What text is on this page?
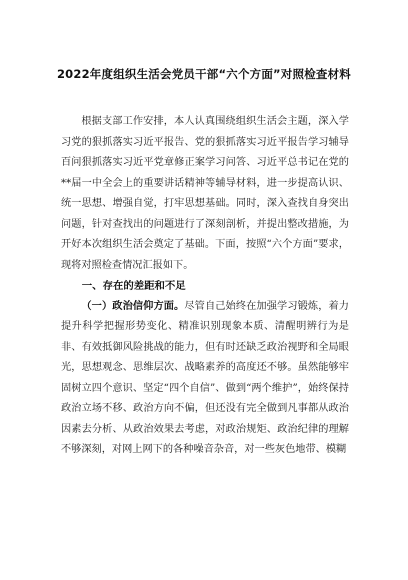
2022年度组织生活会党员干部“六个方面”对照检查材料

根据支部工作安排，本人认真围绕组织生活会主题，深入学习党的狠抓落实习近平报告、党的狠抓落实习近平报告学习辅导百问狠抓落实习近平党章修正案学习问答、习近平总书记在党的**届一中全会上的重要讲话精神等辅导材料，进一步提高认识、统一思想、增强自觉，打牢思想基础。同时，深入查找自身突出问题，针对查找出的问题进行了深刻剖析，并提出整改措施，为开好本次组织生活会奠定了基础。下面，按照“六个方面”要求，现将对照检查情况汇报如下。

一、存在的差距和不足

（一）政治信仰方面。尽管自己始终在加强学习锻炼，着力提升科学把握形势变化、精准识别现象本质、清醒明辨行为是非、有效抵御风险挑战的能力，但有时还缺乏政治视野和全局眼光，思想观念、思维层次、战略素养的高度还不够。虽然能够牢固树立四个意识、坚定“四个自信”、做到“两个维护”，始终保持政治立场不移、政治方向不偏，但还没有完全做到凡事都从政治因素去分析、从政治效果去考虑，对政治规矩、政治纪律的理解不够深刻，对网上网下的各种噪音杂音，对一些灰色地带、模糊
